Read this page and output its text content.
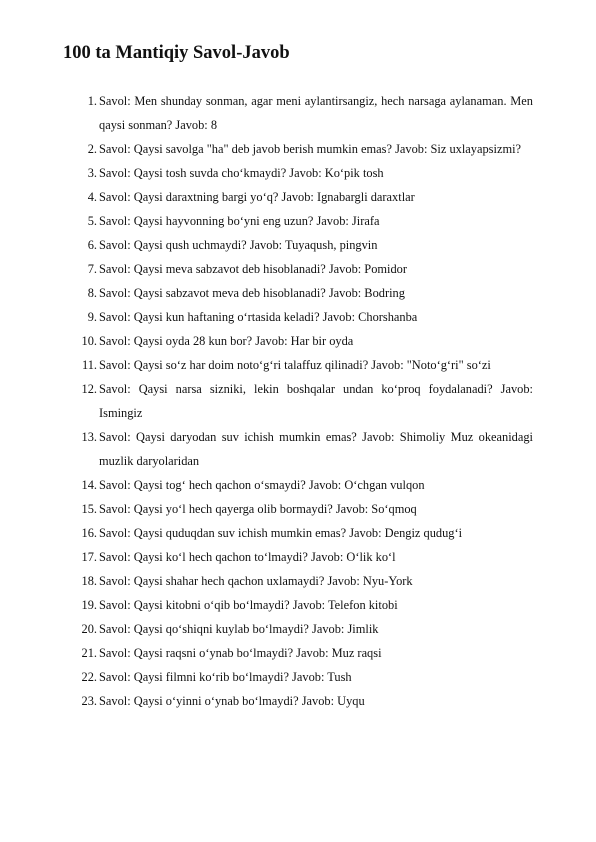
100 ta Mantiqiy Savol-Javob
1. Savol: Men shunday sonman, agar meni aylantirsangiz, hech narsaga aylanaman. Men qaysi sonman? Javob: 8
2. Savol: Qaysi savolga "ha" deb javob berish mumkin emas? Javob: Siz uxlayapsizmi?
3. Savol: Qaysi tosh suvda cho‘kmaydi? Javob: Ko‘pik tosh
4. Savol: Qaysi daraxtning bargi yo‘q? Javob: Ignabargli daraxtlar
5. Savol: Qaysi hayvonning bo‘yni eng uzun? Javob: Jirafa
6. Savol: Qaysi qush uchmaydi? Javob: Tuyaqush, pingvin
7. Savol: Qaysi meva sabzavot deb hisoblanadi? Javob: Pomidor
8. Savol: Qaysi sabzavot meva deb hisoblanadi? Javob: Bodring
9. Savol: Qaysi kun haftaning o‘rtasida keladi? Javob: Chorshanba
10. Savol: Qaysi oyda 28 kun bor? Javob: Har bir oyda
11. Savol: Qaysi so‘z har doim noto‘g‘ri talaffuz qilinadi? Javob: "Noto‘g‘ri" so‘zi
12. Savol: Qaysi narsa sizniki, lekin boshqalar undan ko‘proq foydalanadi? Javob: Ismingiz
13. Savol: Qaysi daryodan suv ichish mumkin emas? Javob: Shimoliy Muz okeanidagi muzlik daryolaridan
14. Savol: Qaysi tog‘ hech qachon o‘smaydi? Javob: O‘chgan vulqon
15. Savol: Qaysi yo‘l hech qayerga olib bormaydi? Javob: So‘qmoq
16. Savol: Qaysi quduqdan suv ichish mumkin emas? Javob: Dengiz qudug‘i
17. Savol: Qaysi ko‘l hech qachon to‘lmaydi? Javob: O‘lik ko‘l
18. Savol: Qaysi shahar hech qachon uxlamaydi? Javob: Nyu-York
19. Savol: Qaysi kitobni o‘qib bo‘lmaydi? Javob: Telefon kitobi
20. Savol: Qaysi qo‘shiqni kuylab bo‘lmaydi? Javob: Jimlik
21. Savol: Qaysi raqsni o‘ynab bo‘lmaydi? Javob: Muz raqsi
22. Savol: Qaysi filmni ko‘rib bo‘lmaydi? Javob: Tush
23. Savol: Qaysi o‘yinni o‘ynab bo‘lmaydi? Javob: Uyqu
